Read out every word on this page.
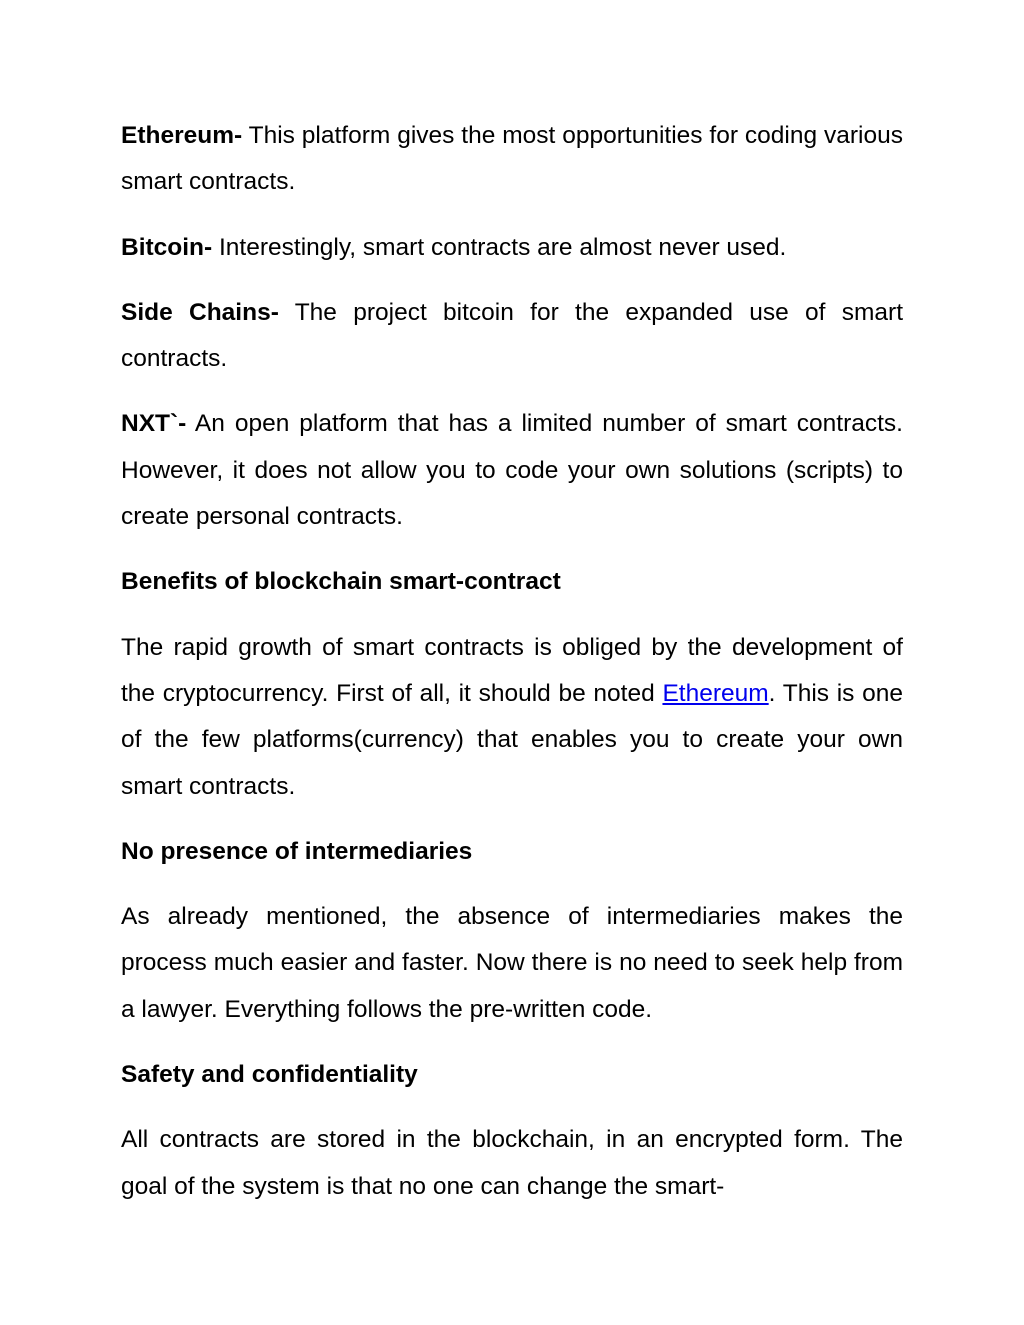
Ethereum- This platform gives the most opportunities for coding various smart contracts.

Bitcoin- Interestingly, smart contracts are almost never used.

Side Chains- The project bitcoin for the expanded use of smart contracts.

NXT`- An open platform that has a limited number of smart contracts. However, it does not allow you to code your own solutions (scripts) to create personal contracts.

Benefits of blockchain smart-contract

The rapid growth of smart contracts is obliged by the development of the cryptocurrency. First of all, it should be noted Ethereum. This is one of the few platforms(currency) that enables you to create your own smart contracts.

No presence of intermediaries

As already mentioned, the absence of intermediaries makes the process much easier and faster. Now there is no need to seek help from a lawyer. Everything follows the pre-written code.

Safety and confidentiality

All contracts are stored in the blockchain, in an encrypted form. The goal of the system is that no one can change the smart-
